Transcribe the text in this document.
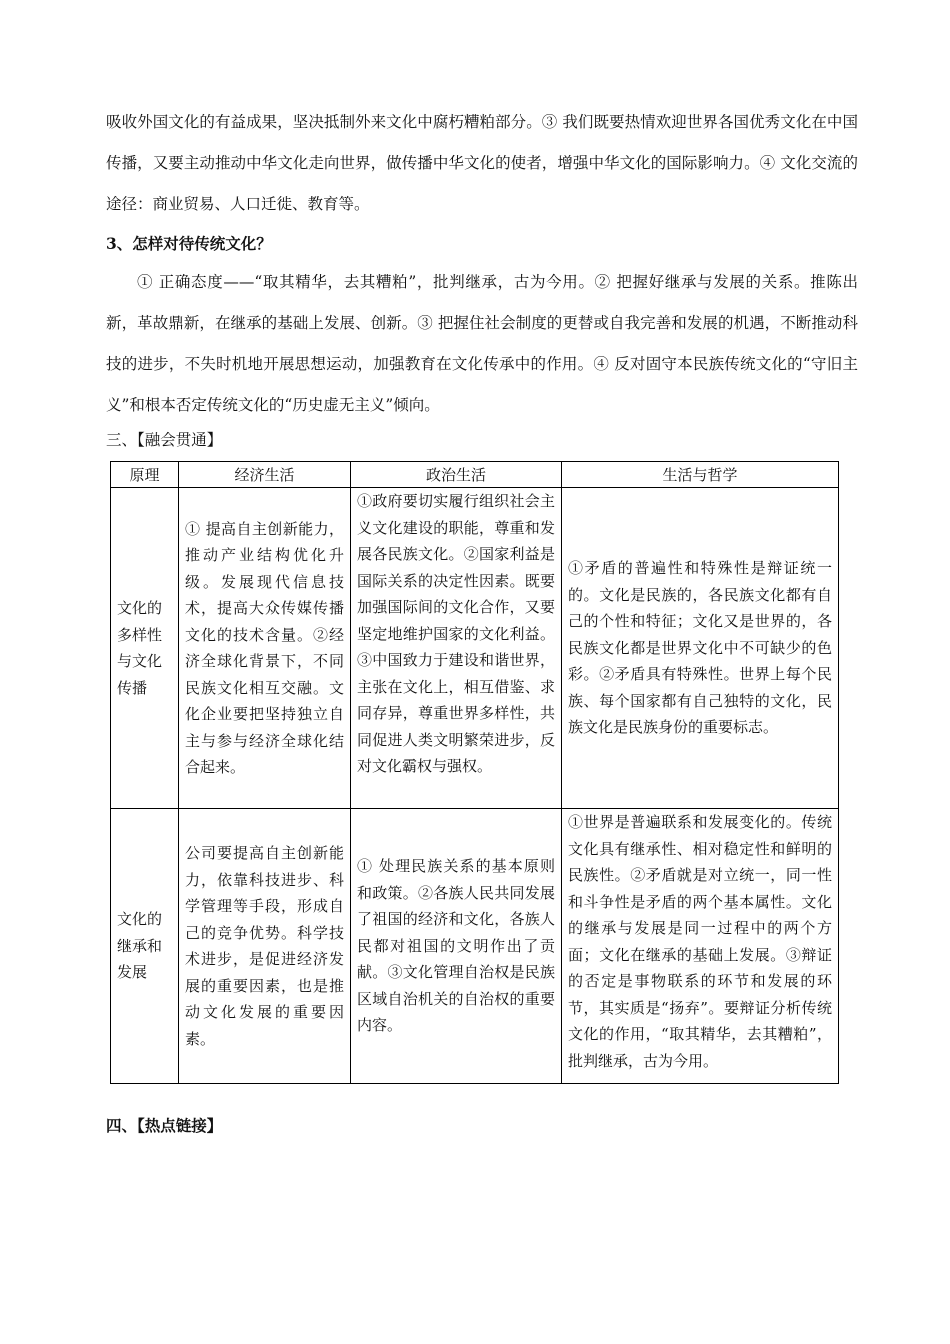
吸收外国文化的有益成果，坚决抵制外来文化中腐朽糟粕部分。③ 我们既要热情欢迎世界各国优秀文化在中国传播，又要主动推动中华文化走向世界，做传播中华文化的使者，增强中华文化的国际影响力。④ 文化交流的途径：商业贸易、人口迁徙、教育等。

3、怎样对待传统文化？

① 正确态度——“取其精华，去其糟粕”，批判继承，古为今用。② 把握好继承与发展的关系。推陈出新，革故鼎新，在继承的基础上发展、创新。③ 把握住社会制度的更替或自我完善和发展的机遇，不断推动科技的进步，不失时机地开展思想运动，加强教育在文化传承中的作用。④ 反对固守本民族传统文化的“守旧主义”和根本否定传统文化的“历史虚无主义”倾向。

三、【融会贯通】

原理	经济生活	政治生活	生活与哲学
文化的多样性与文化传播	① 提高自主创新能力，推动产业结构优化升级。发展现代信息技术，提高大众传媒传播文化的技术含量。②经济全球化背景下，不同民族文化相互交融。文化企业要把坚持独立自主与参与经济全球化结合起来。	①政府要切实履行组织社会主义文化建设的职能，尊重和发展各民族文化。②国家利益是国际关系的决定性因素。既要加强国际间的文化合作，又要坚定地维护国家的文化利益。③中国致力于建设和谐世界，主张在文化上，相互借鉴、求同存异，尊重世界多样性，共同促进人类文明繁荣进步，反对文化霸权与强权。	①矛盾的普遍性和特殊性是辩证统一的。文化是民族的，各民族文化都有自己的个性和特征；文化又是世界的，各民族文化都是世界文化中不可缺少的色彩。②矛盾具有特殊性。世界上每个民族、每个国家都有自己独特的文化，民族文化是民族身份的重要标志。
文化的继承和发展	公司要提高自主创新能力，依靠科技进步、科学管理等手段，形成自己的竞争优势。科学技术进步，是促进经济发展的重要因素，也是推动文化发展的重要因素。	① 处理民族关系的基本原则和政策。②各族人民共同发展了祖国的经济和文化，各族人民都对祖国的文明作出了贡献。③文化管理自治权是民族区域自治机关的自治权的重要内容。	①世界是普遍联系和发展变化的。传统文化具有继承性、相对稳定性和鲜明的民族性。②矛盾就是对立统一，同一性和斗争性是矛盾的两个基本属性。文化的继承与发展是同一过程中的两个方面；文化在继承的基础上发展。③辩证的否定是事物联系的环节和发展的环节，其实质是“扬弃”。要辩证分析传统文化的作用，“取其精华，去其糟粕”，批判继承，古为今用。

四、【热点链接】
